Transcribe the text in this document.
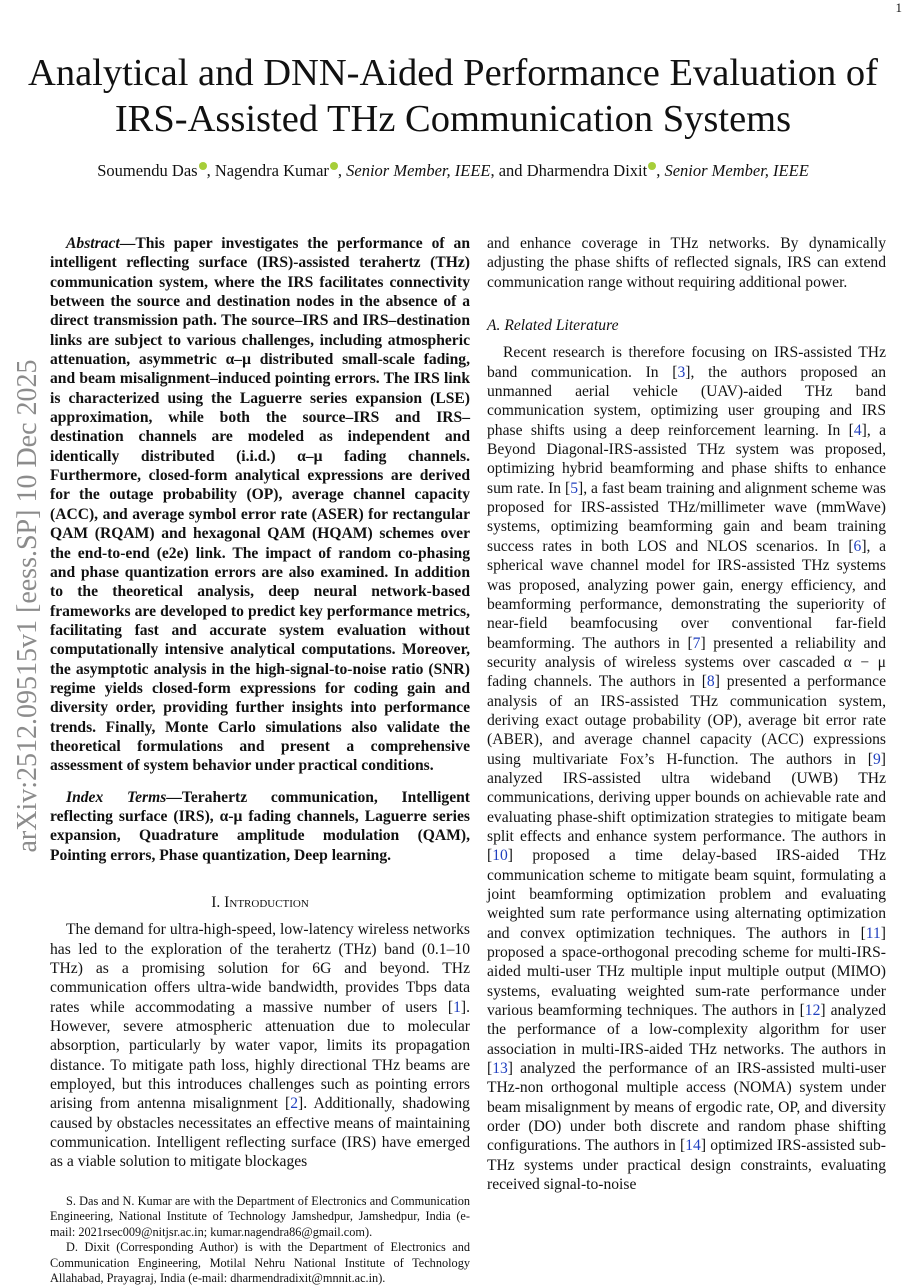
1
arXiv:2512.09515v1 [eess.SP] 10 Dec 2025
Analytical and DNN-Aided Performance Evaluation of IRS-Assisted THz Communication Systems
Soumendu Das , Nagendra Kumar , Senior Member, IEEE, and Dharmendra Dixit , Senior Member, IEEE

Abstract—This paper investigates the performance of an intelligent reflecting surface (IRS)-assisted terahertz (THz) communication system, where the IRS facilitates connectivity between the source and destination nodes in the absence of a direct transmission path. The source–IRS and IRS–destination links are subject to various challenges, including atmospheric attenuation, asymmetric α–μ distributed small-scale fading, and beam misalignment–induced pointing errors. The IRS link is characterized using the Laguerre series expansion (LSE) approximation, while both the source–IRS and IRS–destination channels are modeled as independent and identically distributed (i.i.d.) α–μ fading channels. Furthermore, closed-form analytical expressions are derived for the outage probability (OP), average channel capacity (ACC), and average symbol error rate (ASER) for rectangular QAM (RQAM) and hexagonal QAM (HQAM) schemes over the end-to-end (e2e) link. The impact of random co-phasing and phase quantization errors are also examined. In addition to the theoretical analysis, deep neural network-based frameworks are developed to predict key performance metrics, facilitating fast and accurate system evaluation without computationally intensive analytical computations. Moreover, the asymptotic analysis in the high-signal-to-noise ratio (SNR) regime yields closed-form expressions for coding gain and diversity order, providing further insights into performance trends. Finally, Monte Carlo simulations also validate the theoretical formulations and present a comprehensive assessment of system behavior under practical conditions.

Index Terms—Terahertz communication, Intelligent reflecting surface (IRS), α-μ fading channels, Laguerre series expansion, Quadrature amplitude modulation (QAM), Pointing errors, Phase quantization, Deep learning.

I. Introduction

The demand for ultra-high-speed, low-latency wireless networks has led to the exploration of the terahertz (THz) band (0.1–10 THz) as a promising solution for 6G and beyond. THz communication offers ultra-wide bandwidth, provides Tbps data rates while accommodating a massive number of users [1]. However, severe atmospheric attenuation due to molecular absorption, particularly by water vapor, limits its propagation distance. To mitigate path loss, highly directional THz beams are employed, but this introduces challenges such as pointing errors arising from antenna misalignment [2]. Additionally, shadowing caused by obstacles necessitates an effective means of maintaining communication. Intelligent reflecting surface (IRS) have emerged as a viable solution to mitigate blockages

S. Das and N. Kumar are with the Department of Electronics and Communication Engineering, National Institute of Technology Jamshedpur, Jamshedpur, India (e-mail: 2021rsec009@nitjsr.ac.in; kumar.nagendra86@gmail.com).

D. Dixit (Corresponding Author) is with the Department of Electronics and Communication Engineering, Motilal Nehru National Institute of Technology Allahabad, Prayagraj, India (e-mail: dharmendradixit@mnnit.ac.in).

and enhance coverage in THz networks. By dynamically adjusting the phase shifts of reflected signals, IRS can extend communication range without requiring additional power.

A. Related Literature

Recent research is therefore focusing on IRS-assisted THz band communication. In [3], the authors proposed an unmanned aerial vehicle (UAV)-aided THz band communication system, optimizing user grouping and IRS phase shifts using a deep reinforcement learning. In [4], a Beyond Diagonal-IRS-assisted THz system was proposed, optimizing hybrid beamforming and phase shifts to enhance sum rate. In [5], a fast beam training and alignment scheme was proposed for IRS-assisted THz/millimeter wave (mmWave) systems, optimizing beamforming gain and beam training success rates in both LOS and NLOS scenarios. In [6], a spherical wave channel model for IRS-assisted THz systems was proposed, analyzing power gain, energy efficiency, and beamforming performance, demonstrating the superiority of near-field beamfocusing over conventional far-field beamforming. The authors in [7] presented a reliability and security analysis of wireless systems over cascaded α − μ fading channels. The authors in [8] presented a performance analysis of an IRS-assisted THz communication system, deriving exact outage probability (OP), average bit error rate (ABER), and average channel capacity (ACC) expressions using multivariate Fox’s H-function. The authors in [9] analyzed IRS-assisted ultra wideband (UWB) THz communications, deriving upper bounds on achievable rate and evaluating phase-shift optimization strategies to mitigate beam split effects and enhance system performance. The authors in [10] proposed a time delay-based IRS-aided THz communication scheme to mitigate beam squint, formulating a joint beamforming optimization problem and evaluating weighted sum rate performance using alternating optimization and convex optimization techniques. The authors in [11] proposed a space-orthogonal precoding scheme for multi-IRS-aided multi-user THz multiple input multiple output (MIMO) systems, evaluating weighted sum-rate performance under various beamforming techniques. The authors in [12] analyzed the performance of a low-complexity algorithm for user association in multi-IRS-aided THz networks. The authors in [13] analyzed the performance of an IRS-assisted multi-user THz-non orthogonal multiple access (NOMA) system under beam misalignment by means of ergodic rate, OP, and diversity order (DO) under both discrete and random phase shifting configurations. The authors in [14] optimized IRS-assisted sub-THz systems under practical design constraints, evaluating received signal-to-noise
